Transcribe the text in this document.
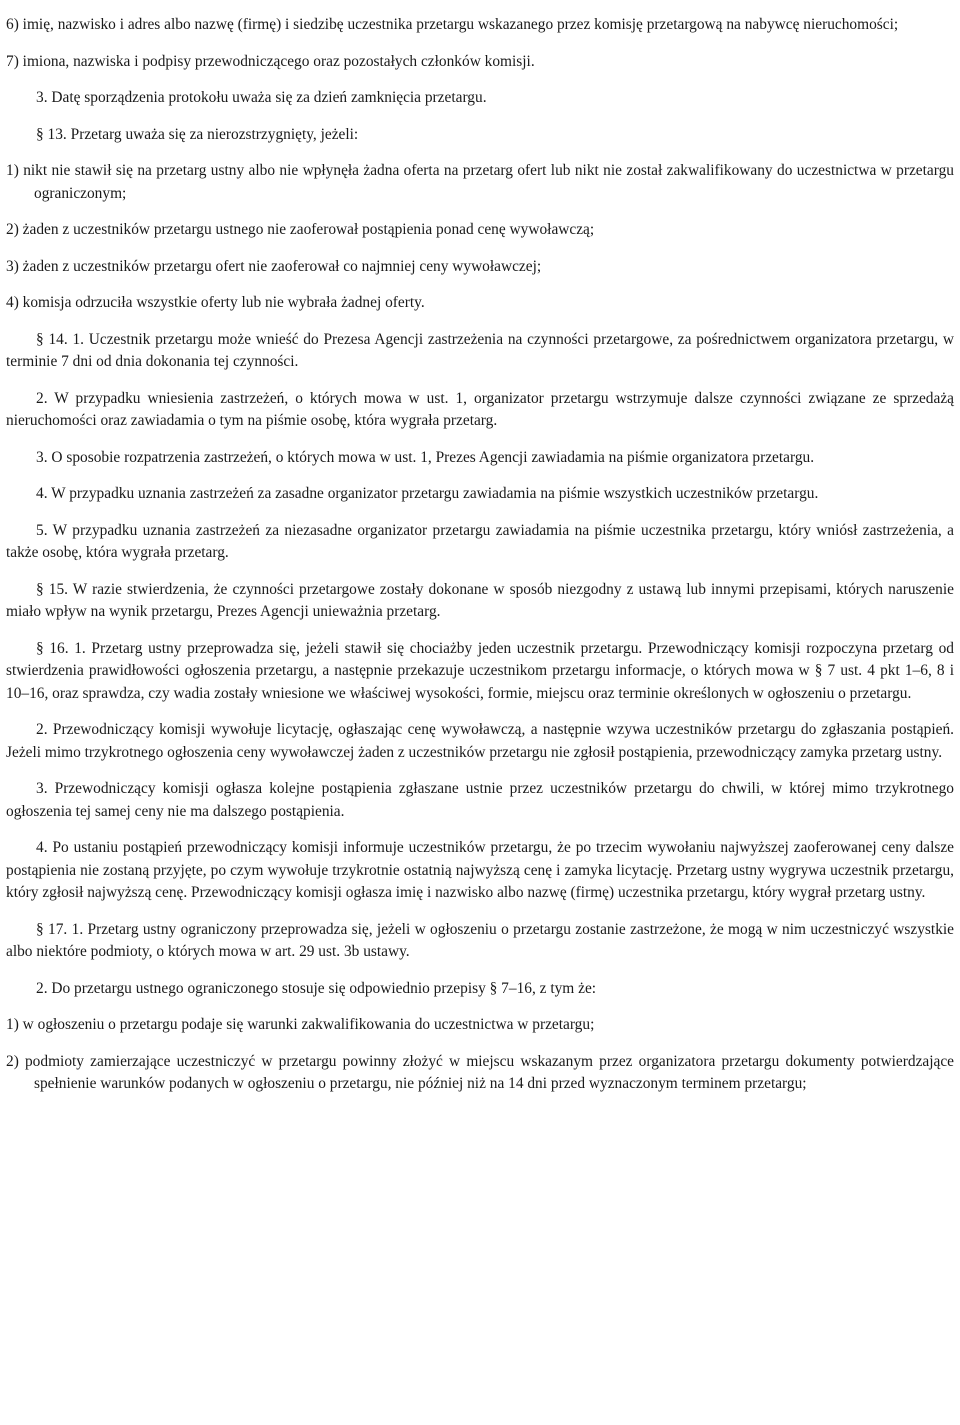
6) imię, nazwisko i adres albo nazwę (firmę) i siedzibę uczestnika przetargu wskazanego przez komisję przetargową na nabywcę nieruchomości;

7) imiona, nazwiska i podpisy przewodniczącego oraz pozostałych członków komisji.

3. Datę sporządzenia protokołu uważa się za dzień zamknięcia przetargu.

§ 13. Przetarg uważa się za nierozstrzygnięty, jeżeli:

1) nikt nie stawił się na przetarg ustny albo nie wpłynęła żadna oferta na przetarg ofert lub nikt nie został zakwalifikowany do uczestnictwa w przetargu ograniczonym;

2) żaden z uczestników przetargu ustnego nie zaoferował postąpienia ponad cenę wywoławczą;

3) żaden z uczestników przetargu ofert nie zaoferował co najmniej ceny wywoławczej;

4) komisja odrzuciła wszystkie oferty lub nie wybrała żadnej oferty.

§ 14. 1. Uczestnik przetargu może wnieść do Prezesa Agencji zastrzeżenia na czynności przetargowe, za pośrednictwem organizatora przetargu, w terminie 7 dni od dnia dokonania tej czynności.

2. W przypadku wniesienia zastrzeżeń, o których mowa w ust. 1, organizator przetargu wstrzymuje dalsze czynności związane ze sprzedażą nieruchomości oraz zawiadamia o tym na piśmie osobę, która wygrała przetarg.

3. O sposobie rozpatrzenia zastrzeżeń, o których mowa w ust. 1, Prezes Agencji zawiadamia na piśmie organizatora przetargu.

4. W przypadku uznania zastrzeżeń za zasadne organizator przetargu zawiadamia na piśmie wszystkich uczestników przetargu.

5. W przypadku uznania zastrzeżeń za niezasadne organizator przetargu zawiadamia na piśmie uczestnika przetargu, który wniósł zastrzeżenia, a także osobę, która wygrała przetarg.

§ 15. W razie stwierdzenia, że czynności przetargowe zostały dokonane w sposób niezgodny z ustawą lub innymi przepisami, których naruszenie miało wpływ na wynik przetargu, Prezes Agencji unieważnia przetarg.

§ 16. 1. Przetarg ustny przeprowadza się, jeżeli stawił się chociażby jeden uczestnik przetargu. Przewodniczący komisji rozpoczyna przetarg od stwierdzenia prawidłowości ogłoszenia przetargu, a następnie przekazuje uczestnikom przetargu informacje, o których mowa w § 7 ust. 4 pkt 1–6, 8 i 10–16, oraz sprawdza, czy wadia zostały wniesione we właściwej wysokości, formie, miejscu oraz terminie określonych w ogłoszeniu o przetargu.

2. Przewodniczący komisji wywołuje licytację, ogłaszając cenę wywoławczą, a następnie wzywa uczestników przetargu do zgłaszania postąpień. Jeżeli mimo trzykrotnego ogłoszenia ceny wywoławczej żaden z uczestników przetargu nie zgłosił postąpienia, przewodniczący zamyka przetarg ustny.

3. Przewodniczący komisji ogłasza kolejne postąpienia zgłaszane ustnie przez uczestników przetargu do chwili, w której mimo trzykrotnego ogłoszenia tej samej ceny nie ma dalszego postąpienia.

4. Po ustaniu postąpień przewodniczący komisji informuje uczestników przetargu, że po trzecim wywołaniu najwyższej zaoferowanej ceny dalsze postąpienia nie zostaną przyjęte, po czym wywołuje trzykrotnie ostatnią najwyższą cenę i zamyka licytację. Przetarg ustny wygrywa uczestnik przetargu, który zgłosił najwyższą cenę. Przewodniczący komisji ogłasza imię i nazwisko albo nazwę (firmę) uczestnika przetargu, który wygrał przetarg ustny.

§ 17. 1. Przetarg ustny ograniczony przeprowadza się, jeżeli w ogłoszeniu o przetargu zostanie zastrzeżone, że mogą w nim uczestniczyć wszystkie albo niektóre podmioty, o których mowa w art. 29 ust. 3b ustawy.

2. Do przetargu ustnego ograniczonego stosuje się odpowiednio przepisy § 7–16, z tym że:

1) w ogłoszeniu o przetargu podaje się warunki zakwalifikowania do uczestnictwa w przetargu;

2) podmioty zamierzające uczestniczyć w przetargu powinny złożyć w miejscu wskazanym przez organizatora przetargu dokumenty potwierdzające spełnienie warunków podanych w ogłoszeniu o przetargu, nie później niż na 14 dni przed wyznaczonym terminem przetargu;
